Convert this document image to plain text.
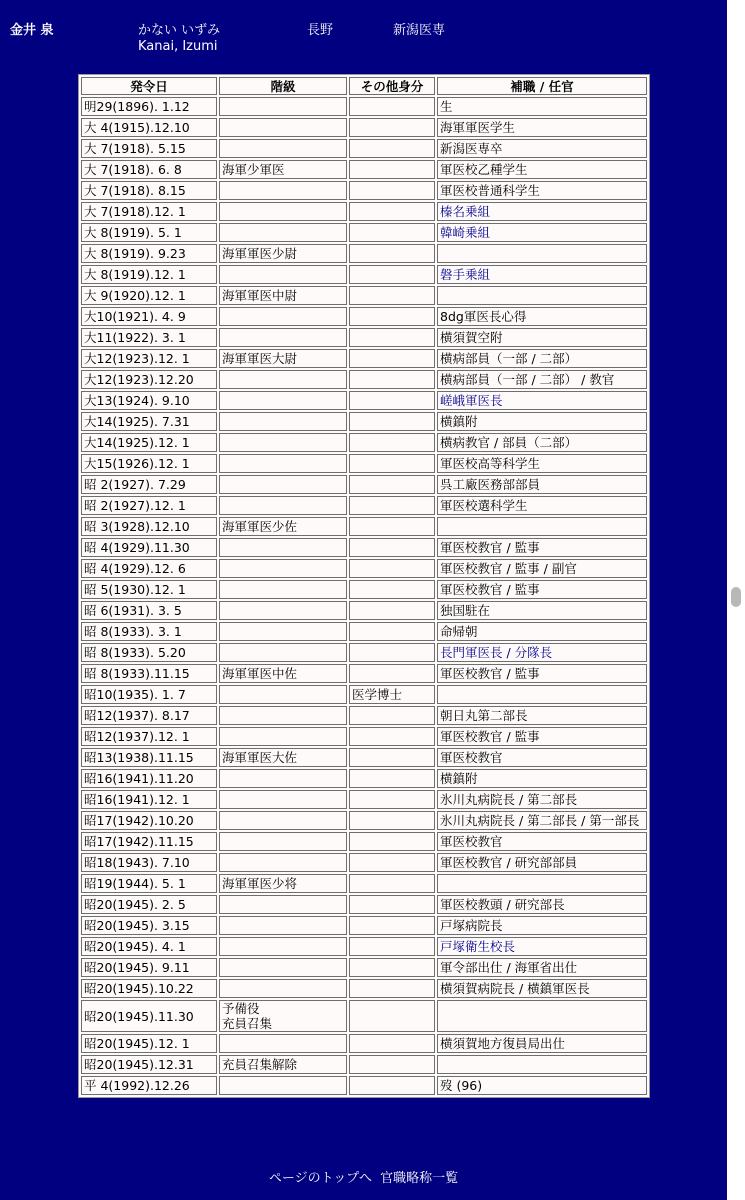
金井 泉	かない いずみ
Kanai, Izumi
長野	新潟医専
発令日	階級	その他身分	補職 / 任官
明29(1896). 1.12			生
大 4(1915).12.10			海軍軍医学生
大 7(1918). 5.15			新潟医専卒
大 7(1918). 6. 8	海軍少軍医		軍医校乙種学生
大 7(1918). 8.15			軍医校普通科学生
大 7(1918).12. 1			榛名乗組
大 8(1919). 5. 1			韓崎乗組
大 8(1919). 9.23	海軍軍医少尉		
大 8(1919).12. 1			磐手乗組
大 9(1920).12. 1	海軍軍医中尉		
大10(1921). 4. 9			8dg軍医長心得
大11(1922). 3. 1			横須賀空附
大12(1923).12. 1	海軍軍医大尉		横病部員（一部 / 二部）
大12(1923).12.20			横病部員（一部 / 二部） / 教官
大13(1924). 9.10			嵯峨軍医長
大14(1925). 7.31			横鎮附
大14(1925).12. 1			横病教官 / 部員（二部）
大15(1926).12. 1			軍医校高等科学生
昭 2(1927). 7.29			呉工廠医務部部員
昭 2(1927).12. 1			軍医校選科学生
昭 3(1928).12.10	海軍軍医少佐		
昭 4(1929).11.30			軍医校教官 / 監事
昭 4(1929).12. 6			軍医校教官 / 監事 / 副官
昭 5(1930).12. 1			軍医校教官 / 監事
昭 6(1931). 3. 5			独国駐在
昭 8(1933). 3. 1			命帰朝
昭 8(1933). 5.20			長門軍医長 / 分隊長
昭 8(1933).11.15	海軍軍医中佐		軍医校教官 / 監事
昭10(1935). 1. 7		医学博士	
昭12(1937). 8.17			朝日丸第二部長
昭12(1937).12. 1			軍医校教官 / 監事
昭13(1938).11.15	海軍軍医大佐		軍医校教官
昭16(1941).11.20			横鎮附
昭16(1941).12. 1			氷川丸病院長 / 第二部長
昭17(1942).10.20			氷川丸病院長 / 第二部長 / 第一部長
昭17(1942).11.15			軍医校教官
昭18(1943). 7.10			軍医校教官 / 研究部部員
昭19(1944). 5. 1	海軍軍医少将		
昭20(1945). 2. 5			軍医校教頭 / 研究部長
昭20(1945). 3.15			戸塚病院長
昭20(1945). 4. 1			戸塚衛生校長
昭20(1945). 9.11			軍令部出仕 / 海軍省出仕
昭20(1945).10.22			横須賀病院長 / 横鎮軍医長
昭20(1945).11.30	予備役
充員召集		
昭20(1945).12. 1			横須賀地方復員局出仕
昭20(1945).12.31	充員召集解除		
平 4(1992).12.26			歿 (96)
ページのトップへ 官職略称一覧
